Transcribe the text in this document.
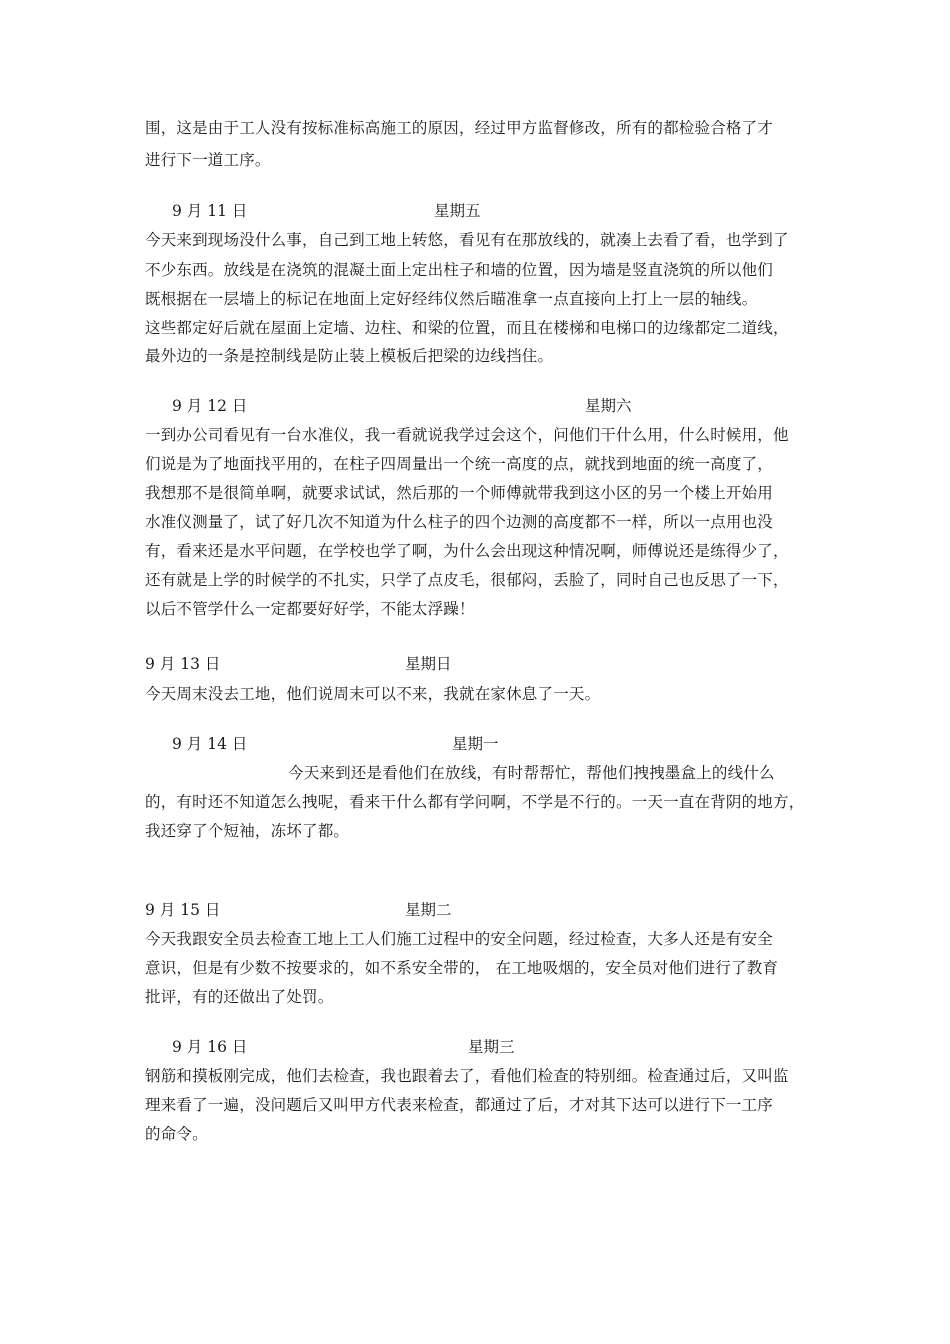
围，这是由于工人没有按标准标高施工的原因，经过甲方监督修改，所有的都检验合格了才
进行下一道工序。
9 月 11 日	星期五
今天来到现场没什么事，自己到工地上转悠，看见有在那放线的，就凑上去看了看，也学到了
不少东西。放线是在浇筑的混凝土面上定出柱子和墙的位置，因为墙是竖直浇筑的所以他们
既根据在一层墙上的标记在地面上定好经纬仪然后瞄准拿一点直接向上打上一层的轴线。
这些都定好后就在屋面上定墙、边柱、和梁的位置，而且在楼梯和电梯口的边缘都定二道线，
最外边的一条是控制线是防止装上模板后把梁的边线挡住。
9 月 12 日	星期六
一到办公司看见有一台水准仪，我一看就说我学过会这个，问他们干什么用，什么时候用，他
们说是为了地面找平用的，在柱子四周量出一个统一高度的点，就找到地面的统一高度了，
我想那不是很简单啊，就要求试试，然后那的一个师傅就带我到这小区的另一个楼上开始用
水准仪测量了，试了好几次不知道为什么柱子的四个边测的高度都不一样，所以一点用也没
有，看来还是水平问题，在学校也学了啊，为什么会出现这种情况啊，师傅说还是练得少了，
还有就是上学的时候学的不扎实，只学了点皮毛，很郁闷，丢脸了，同时自己也反思了一下，
以后不管学什么一定都要好好学，不能太浮躁！
9 月 13 日	星期日
今天周末没去工地，他们说周末可以不来，我就在家休息了一天。
9 月 14 日	星期一
今天来到还是看他们在放线，有时帮帮忙，帮他们拽拽墨盒上的线什么
的，有时还不知道怎么拽呢，看来干什么都有学问啊，不学是不行的。一天一直在背阴的地方，
我还穿了个短袖，冻坏了都。
9 月 15 日	星期二
今天我跟安全员去检查工地上工人们施工过程中的安全问题，经过检查，大多人还是有安全
意识，但是有少数不按要求的，如不系安全带的， 在工地吸烟的，安全员对他们进行了教育
批评，有的还做出了处罚。
9 月 16 日	星期三
钢筋和摸板刚完成，他们去检查，我也跟着去了，看他们检查的特别细。检查通过后，又叫监
理来看了一遍，没问题后又叫甲方代表来检查，都通过了后，才对其下达可以进行下一工序
的命令。
